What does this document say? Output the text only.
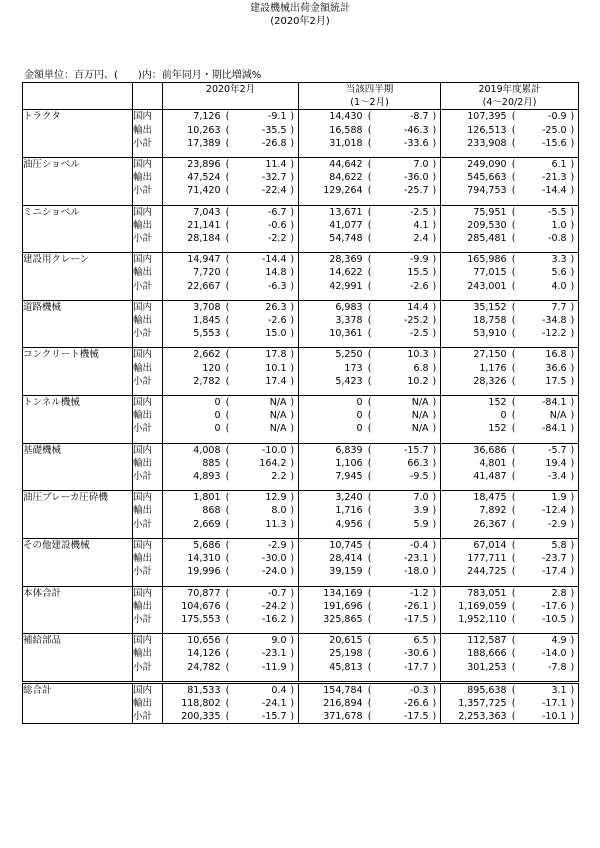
建設機械出荷金額統計
(2020年2月)
金額単位：百万円、(　　)内：前年同月・期比増減%
		2020年2月				当該四半期				2019年度累計			
						(1～2月)				(4～20/2月)			
トラクタ	国内	7,126	(	-9.1	)	14,430	(	-8.7	)	107,395	(	-0.9	)
	輸出	10,263	(	-35.5	)	16,588	(	-46.3	)	126,513	(	-25.0	)
	小計	17,389	(	-26.8	)	31,018	(	-33.6	)	233,908	(	-15.6	)

油圧ショベル	国内	23,896	(	11.4	)	44,642	(	7.0	)	249,090	(	6.1	)
	輸出	47,524	(	-32.7	)	84,622	(	-36.0	)	545,663	(	-21.3	)
	小計	71,420	(	-22.4	)	129,264	(	-25.7	)	794,753	(	-14.4	)

ミニショベル	国内	7,043	(	-6.7	)	13,671	(	-2.5	)	75,951	(	-5.5	)
	輸出	21,141	(	-0.6	)	41,077	(	4.1	)	209,530	(	1.0	)
	小計	28,184	(	-2.2	)	54,748	(	2.4	)	285,481	(	-0.8	)

建設用クレーン	国内	14,947	(	-14.4	)	28,369	(	-9.9	)	165,986	(	3.3	)
	輸出	7,720	(	14.8	)	14,622	(	15.5	)	77,015	(	5.6	)
	小計	22,667	(	-6.3	)	42,991	(	-2.6	)	243,001	(	4.0	)

道路機械	国内	3,708	(	26.3	)	6,983	(	14.4	)	35,152	(	7.7	)
	輸出	1,845	(	-2.6	)	3,378	(	-25.2	)	18,758	(	-34.8	)
	小計	5,553	(	15.0	)	10,361	(	-2.5	)	53,910	(	-12.2	)

コンクリート機械	国内	2,662	(	17.8	)	5,250	(	10.3	)	27,150	(	16.8	)
	輸出	120	(	10.1	)	173	(	6.8	)	1,176	(	36.6	)
	小計	2,782	(	17.4	)	5,423	(	10.2	)	28,326	(	17.5	)

トンネル機械	国内	0	(	N/A	)	0	(	N/A	)	152	(	-84.1	)
	輸出	0	(	N/A	)	0	(	N/A	)	0	(	N/A	)
	小計	0	(	N/A	)	0	(	N/A	)	152	(	-84.1	)

基礎機械	国内	4,008	(	-10.0	)	6,839	(	-15.7	)	36,686	(	-5.7	)
	輸出	885	(	164.2	)	1,106	(	66.3	)	4,801	(	19.4	)
	小計	4,893	(	2.2	)	7,945	(	-9.5	)	41,487	(	-3.4	)

油圧ブレーカ圧砕機	国内	1,801	(	12.9	)	3,240	(	7.0	)	18,475	(	1.9	)
	輸出	868	(	8.0	)	1,716	(	3.9	)	7,892	(	-12.4	)
	小計	2,669	(	11.3	)	4,956	(	5.9	)	26,367	(	-2.9	)

その他建設機械	国内	5,686	(	-2.9	)	10,745	(	-0.4	)	67,014	(	5.8	)
	輸出	14,310	(	-30.0	)	28,414	(	-23.1	)	177,711	(	-23.7	)
	小計	19,996	(	-24.0	)	39,159	(	-18.0	)	244,725	(	-17.4	)

本体合計	国内	70,877	(	-0.7	)	134,169	(	-1.2	)	783,051	(	2.8	)
	輸出	104,676	(	-24.2	)	191,696	(	-26.1	)	1,169,059	(	-17.6	)
	小計	175,553	(	-16.2	)	325,865	(	-17.5	)	1,952,110	(	-10.5	)

補給部品	国内	10,656	(	9.0	)	20,615	(	6.5	)	112,587	(	4.9	)
	輸出	14,126	(	-23.1	)	25,198	(	-30.6	)	188,666	(	-14.0	)
	小計	24,782	(	-11.9	)	45,813	(	-17.7	)	301,253	(	-7.8	)

総合計	国内	81,533	(	0.4	)	154,784	(	-0.3	)	895,638	(	3.1	)
	輸出	118,802	(	-24.1	)	216,894	(	-26.6	)	1,357,725	(	-17.1	)
	小計	200,335	(	-15.7	)	371,678	(	-17.5	)	2,253,363	(	-10.1	)
